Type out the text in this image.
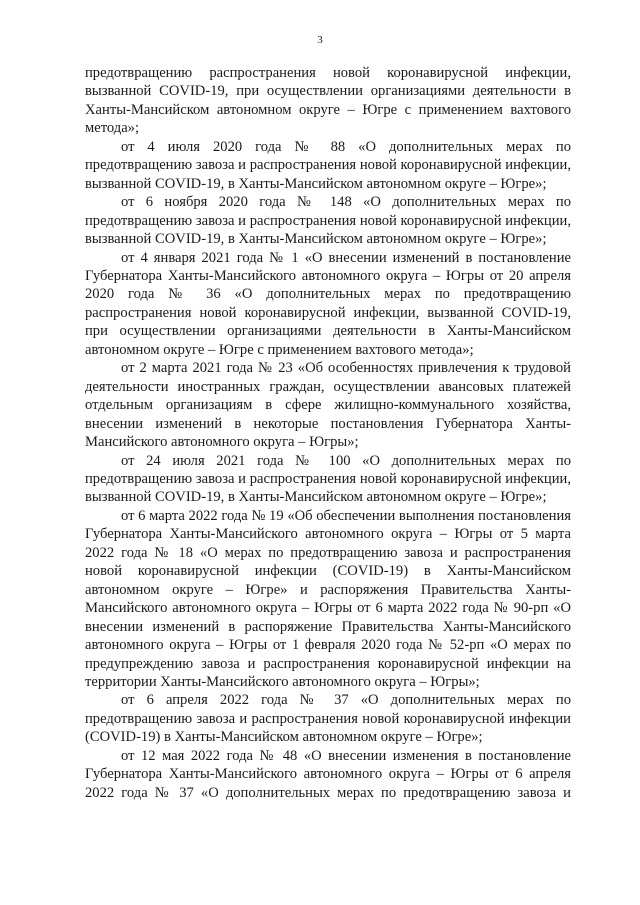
3

предотвращению распространения новой коронавирусной инфекции, вызванной COVID-19, при осуществлении организациями деятельности в Ханты-Мансийском автономном округе – Югре с применением вахтового метода»;

от 4 июля 2020 года № 88 «О дополнительных мерах по предотвращению завоза и распространения новой коронавирусной инфекции, вызванной COVID-19, в Ханты-Мансийском автономном округе – Югре»;

от 6 ноября 2020 года № 148 «О дополнительных мерах по предотвращению завоза и распространения новой коронавирусной инфекции, вызванной COVID-19, в Ханты-Мансийском автономном округе – Югре»;

от 4 января 2021 года № 1 «О внесении изменений в постановление Губернатора Ханты-Мансийского автономного округа – Югры от 20 апреля 2020 года № 36 «О дополнительных мерах по предотвращению распространения новой коронавирусной инфекции, вызванной COVID-19, при осуществлении организациями деятельности в Ханты-Мансийском автономном округе – Югре с применением вахтового метода»;

от 2 марта 2021 года № 23 «Об особенностях привлечения к трудовой деятельности иностранных граждан, осуществлении авансовых платежей отдельным организациям в сфере жилищно-коммунального хозяйства, внесении изменений в некоторые постановления Губернатора Ханты-Мансийского автономного округа – Югры»;

от 24 июля 2021 года № 100 «О дополнительных мерах по предотвращению завоза и распространения новой коронавирусной инфекции, вызванной COVID-19, в Ханты-Мансийском автономном округе – Югре»;

от 6 марта 2022 года № 19 «Об обеспечении выполнения постановления Губернатора Ханты-Мансийского автономного округа – Югры от 5 марта 2022 года № 18 «О мерах по предотвращению завоза и распространения новой коронавирусной инфекции (COVID-19) в Ханты-Мансийском автономном округе – Югре» и распоряжения Правительства Ханты-Мансийского автономного округа – Югры от 6 марта 2022 года № 90-рп «О внесении изменений в распоряжение Правительства Ханты-Мансийского автономного округа – Югры от 1 февраля 2020 года № 52-рп «О мерах по предупреждению завоза и распространения коронавирусной инфекции на территории Ханты-Мансийского автономного округа – Югры»;

от 6 апреля 2022 года № 37 «О дополнительных мерах по предотвращению завоза и распространения новой коронавирусной инфекции (COVID-19) в Ханты-Мансийском автономном округе – Югре»;

от 12 мая 2022 года № 48 «О внесении изменения в постановление Губернатора Ханты-Мансийского автономного округа – Югры от 6 апреля 2022 года № 37 «О дополнительных мерах по предотвращению завоза и
